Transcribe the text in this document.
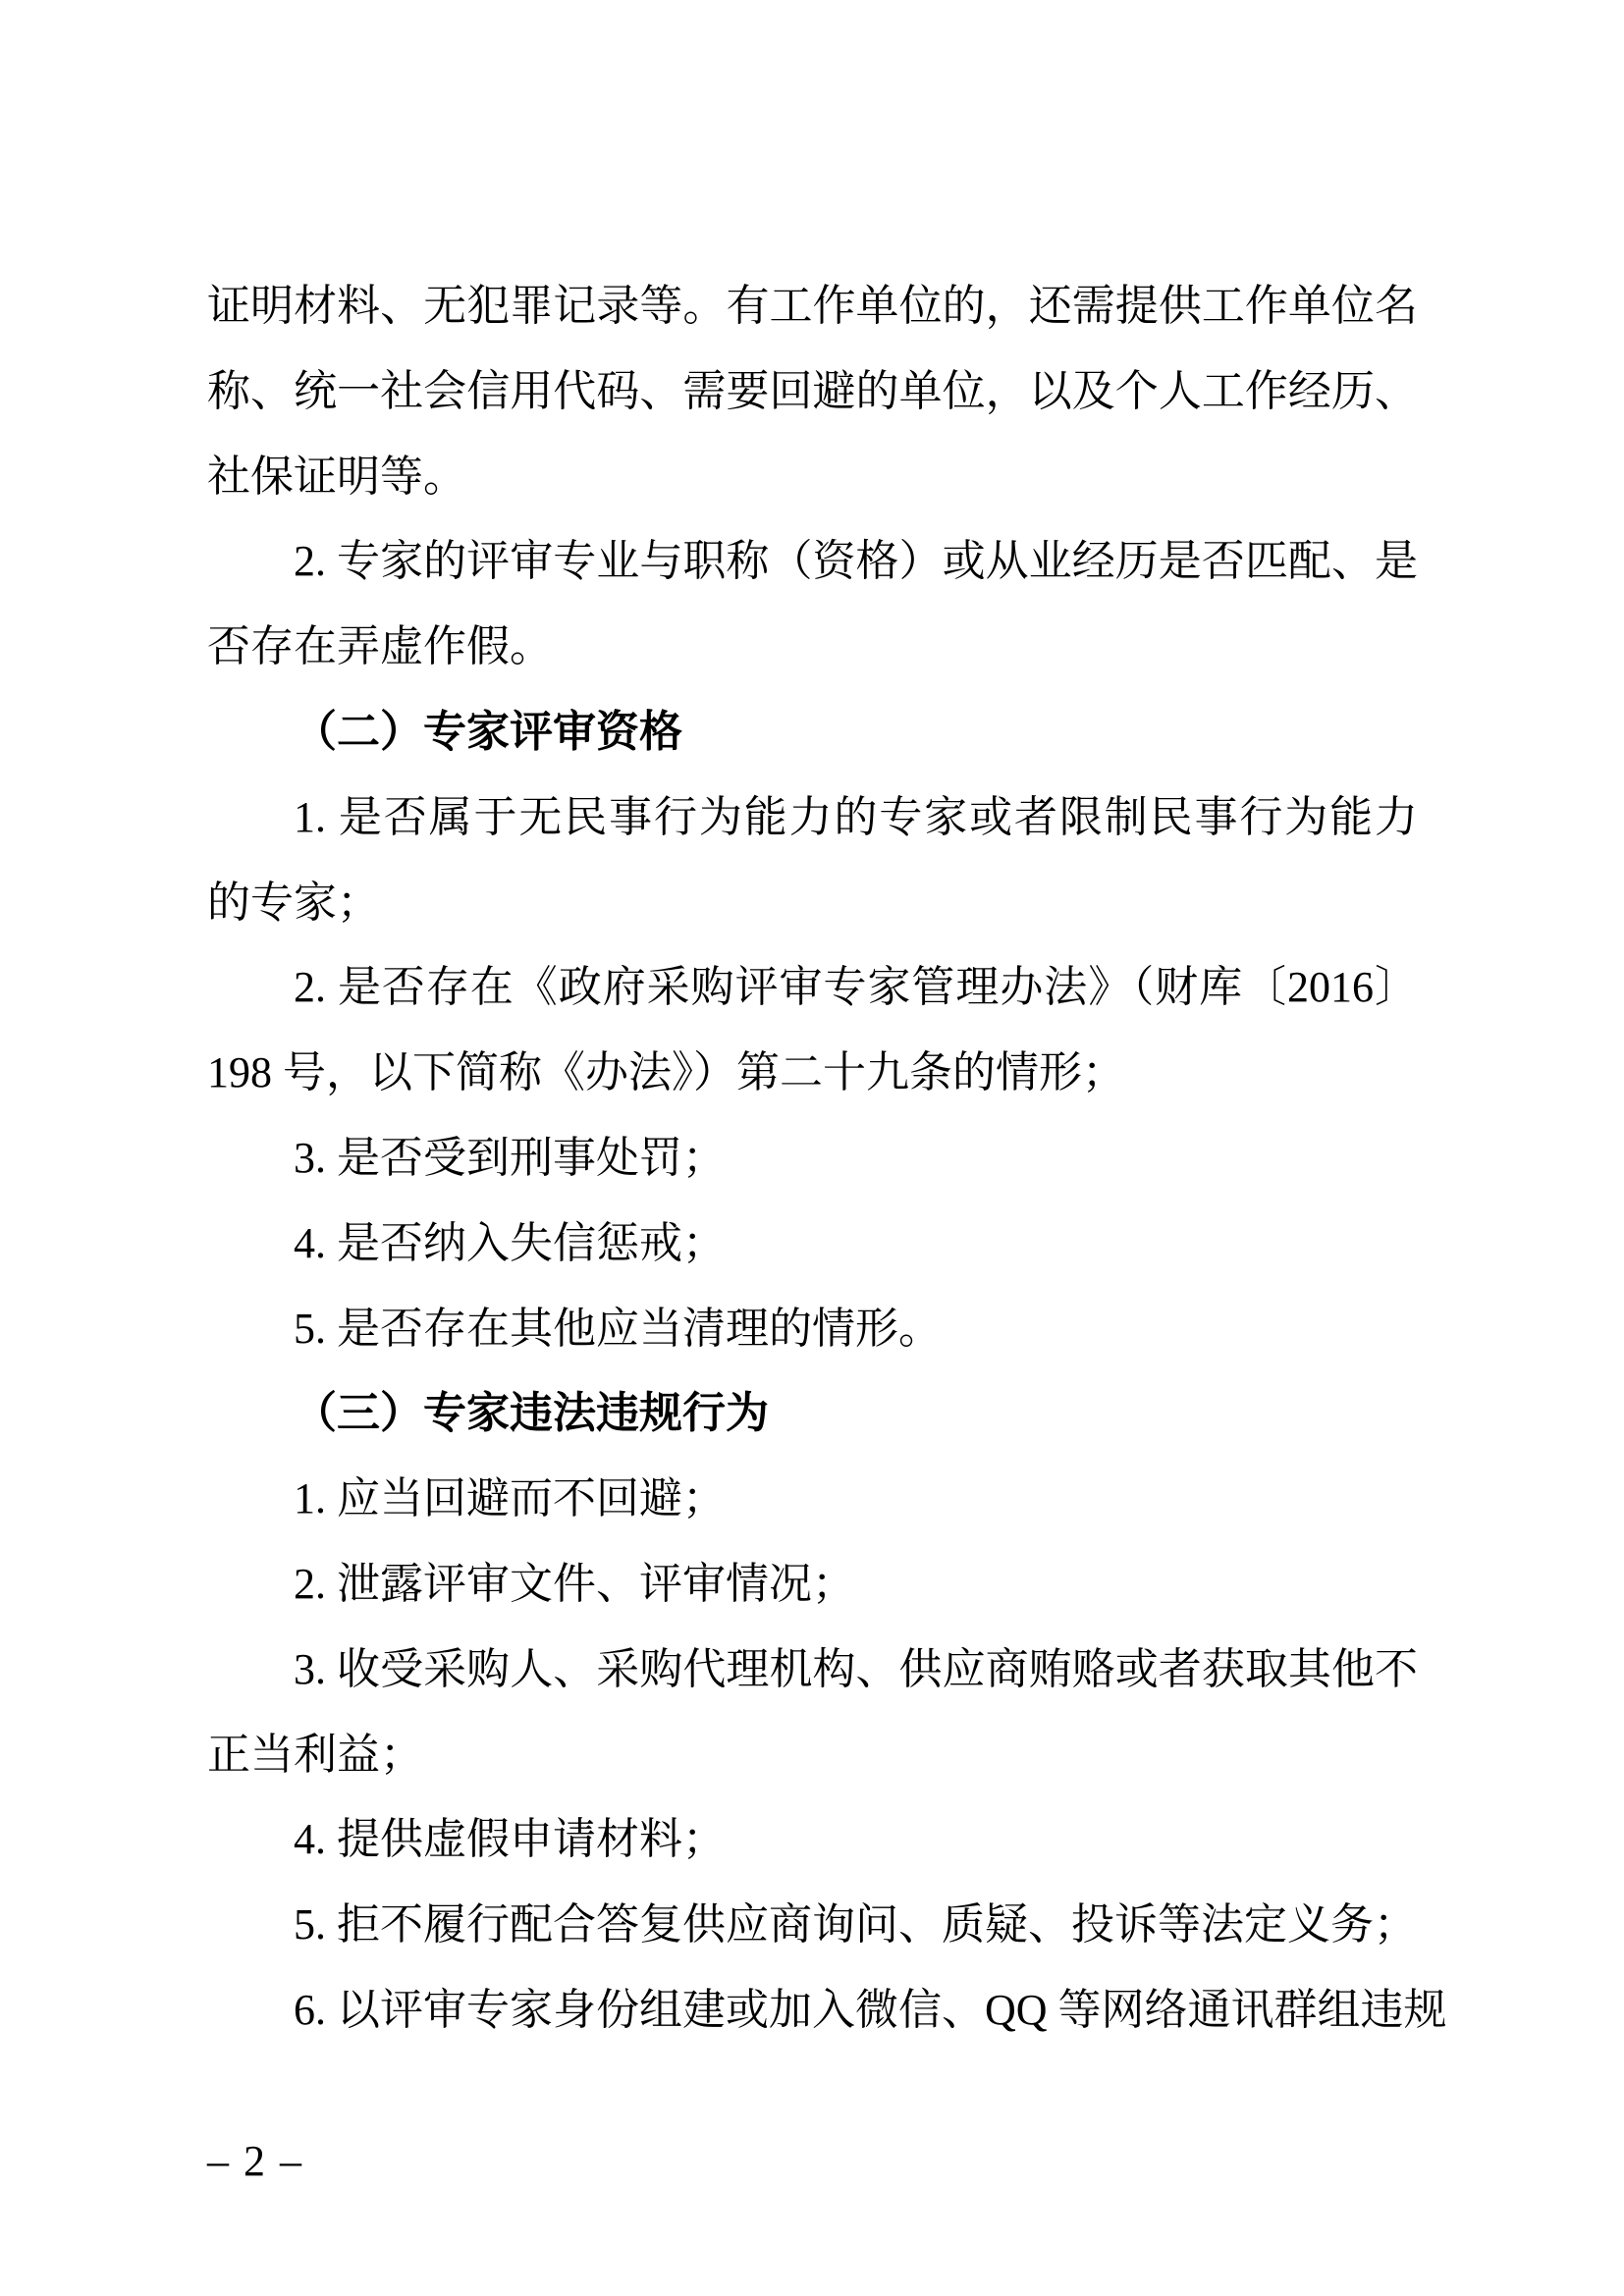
证明材料、无犯罪记录等。有工作单位的，还需提供工作单位名
称、统一社会信用代码、需要回避的单位，以及个人工作经历、
社保证明等。
2. 专家的评审专业与职称（资格）或从业经历是否匹配、是
否存在弄虚作假。
（二）专家评审资格
1. 是否属于无民事行为能力的专家或者限制民事行为能力
的专家；
2. 是否存在《政府采购评审专家管理办法》（财库〔2016〕
198 号，以下简称《办法》）第二十九条的情形；
3. 是否受到刑事处罚；
4. 是否纳入失信惩戒；
5. 是否存在其他应当清理的情形。
（三）专家违法违规行为
1. 应当回避而不回避；
2. 泄露评审文件、评审情况；
3. 收受采购人、采购代理机构、供应商贿赂或者获取其他不
正当利益；
4. 提供虚假申请材料；
5. 拒不履行配合答复供应商询问、质疑、投诉等法定义务；
6. 以评审专家身份组建或加入微信、QQ 等网络通讯群组违规
– 2 –
